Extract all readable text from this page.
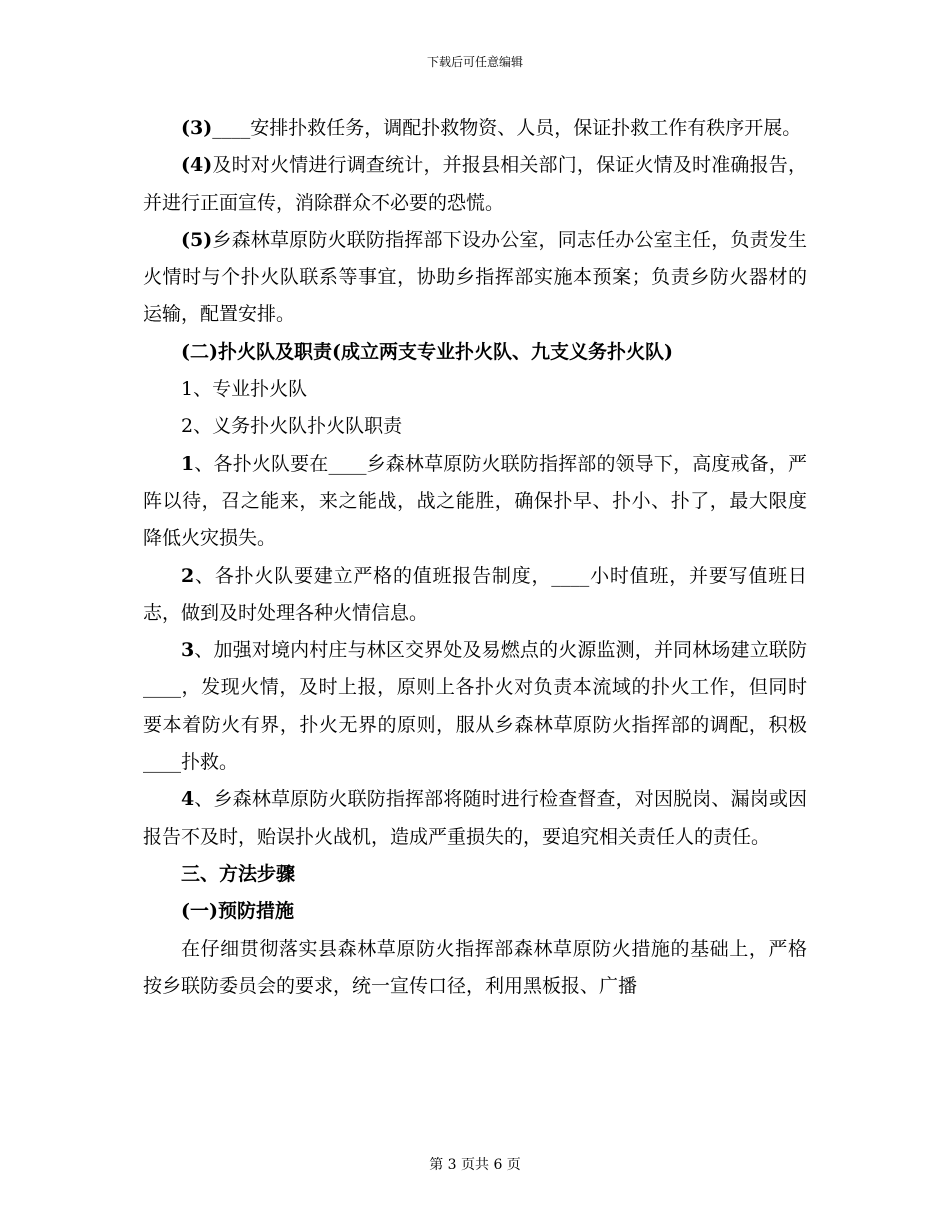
下载后可任意编辑

(3)____安排扑救任务，调配扑救物资、人员，保证扑救工作有秩序开展。

(4)及时对火情进行调查统计，并报县相关部门，保证火情及时准确报告，并进行正面宣传，消除群众不必要的恐慌。

(5)乡森林草原防火联防指挥部下设办公室，同志任办公室主任，负责发生火情时与个扑火队联系等事宜，协助乡指挥部实施本预案；负责乡防火器材的运输，配置安排。

(二)扑火队及职责(成立两支专业扑火队、九支义务扑火队)

1、专业扑火队

2、义务扑火队扑火队职责

1、各扑火队要在____乡森林草原防火联防指挥部的领导下，高度戒备，严阵以待，召之能来，来之能战，战之能胜，确保扑早、扑小、扑了，最大限度降低火灾损失。

2、各扑火队要建立严格的值班报告制度，____小时值班，并要写值班日志，做到及时处理各种火情信息。

3、加强对境内村庄与林区交界处及易燃点的火源监测，并同林场建立联防____，发现火情，及时上报，原则上各扑火对负责本流域的扑火工作，但同时要本着防火有界，扑火无界的原则，服从乡森林草原防火指挥部的调配，积极____扑救。

4、乡森林草原防火联防指挥部将随时进行检查督查，对因脱岗、漏岗或因报告不及时，贻误扑火战机，造成严重损失的，要追究相关责任人的责任。

三、方法步骤

(一)预防措施

在仔细贯彻落实县森林草原防火指挥部森林草原防火措施的基础上，严格按乡联防委员会的要求，统一宣传口径，利用黑板报、广播

第 3 页共 6 页
